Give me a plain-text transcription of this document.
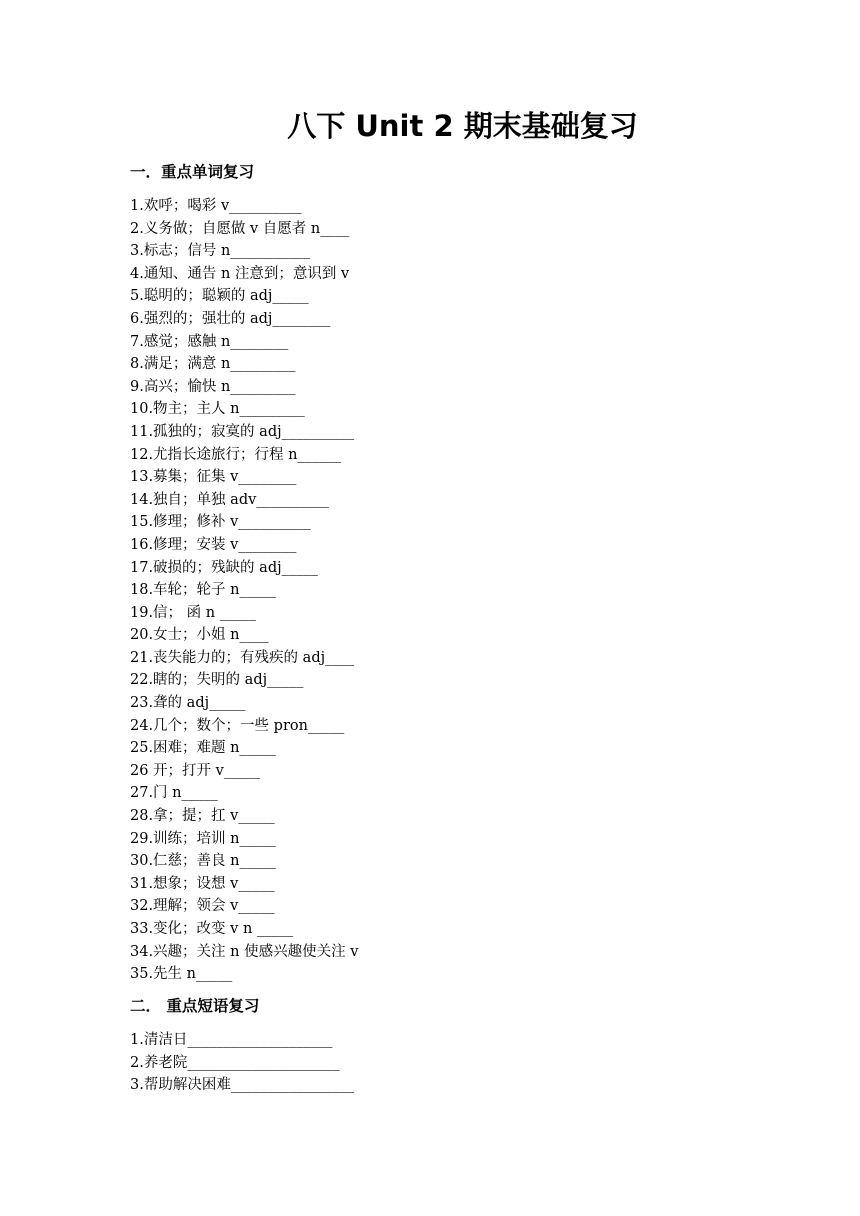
八下 Unit 2 期末基础复习
一．重点单词复习
1.欢呼；喝彩 v__________
2.义务做；自愿做 v 自愿者 n____
3.标志；信号 n___________
4.通知、通告 n 注意到；意识到 v
5.聪明的；聪颖的 adj_____
6.强烈的；强壮的 adj________
7.感觉；感触 n________
8.满足；满意 n_________
9.高兴；愉快 n_________
10.物主；主人 n_________
11.孤独的；寂寞的 adj__________
12.尤指长途旅行；行程 n______
13.募集；征集 v________
14.独自；单独 adv__________
15.修理；修补 v__________
16.修理；安装 v________
17.破损的；残缺的 adj_____
18.车轮；轮子 n_____
19.信； 函 n _____
20.女士；小姐 n____
21.丧失能力的；有残疾的 adj____
22.瞎的；失明的 adj_____
23.聋的 adj_____
24.几个；数个；一些 pron_____
25.困难；难题 n_____
26 开；打开 v_____
27.门 n_____
28.拿；提；扛 v_____
29.训练；培训 n_____
30.仁慈；善良 n_____
31.想象；设想 v_____
32.理解；领会 v_____
33.变化；改变 v n _____
34.兴趣；关注 n 使感兴趣使关注 v
35.先生 n_____
二． 重点短语复习
1.清洁日____________________
2.养老院_____________________
3.帮助解决困难_________________
